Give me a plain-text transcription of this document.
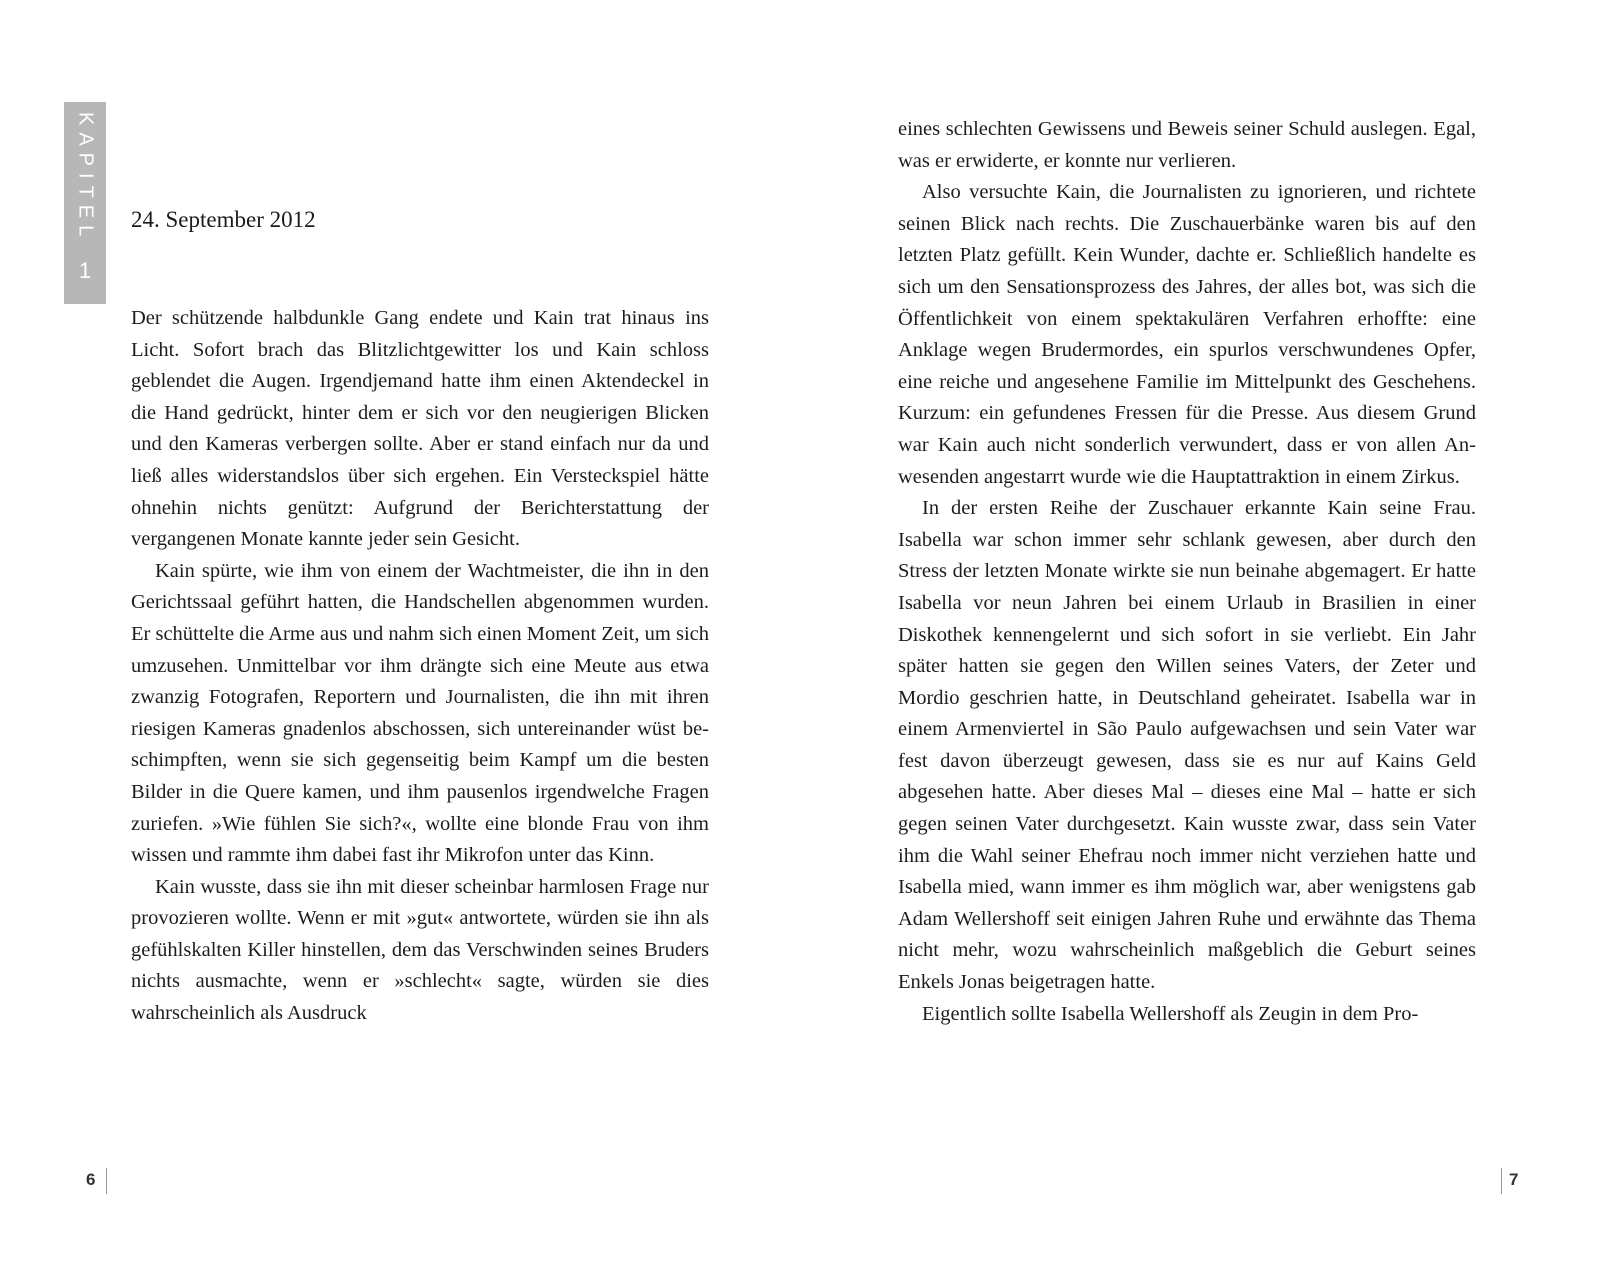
KAPITEL
1
24. September 2012

Der schützende halbdunkle Gang endete und Kain trat hinaus ins Licht. Sofort brach das Blitzlichtgewitter los und Kain schloss geblendet die Augen. Irgendjemand hatte ihm einen Aktendeckel in die Hand gedrückt, hinter dem er sich vor den neugierigen Blicken und den Kameras verbergen sollte. Aber er stand einfach nur da und ließ alles widerstandslos über sich ergehen. Ein Versteckspiel hätte ohnehin nichts genützt: Aufgrund der Berichterstattung der vergangenen Monate kannte jeder sein Gesicht.

Kain spürte, wie ihm von einem der Wachtmeister, die ihn in den Gerichtssaal geführt hatten, die Handschellen abgenommen wurden. Er schüttelte die Arme aus und nahm sich einen Moment Zeit, um sich umzusehen. Unmittelbar vor ihm drängte sich eine Meute aus etwa zwanzig Fotografen, Reportern und Journalisten, die ihn mit ihren riesigen Kameras gnadenlos abschossen, sich untereinander wüst beschimpften, wenn sie sich gegenseitig beim Kampf um die besten Bilder in die Quere kamen, und ihm pausenlos irgendwelche Fragen zuriefen. »Wie fühlen Sie sich?«, wollte eine blonde Frau von ihm wissen und rammte ihm dabei fast ihr Mikrofon unter das Kinn.

Kain wusste, dass sie ihn mit dieser scheinbar harmlosen Frage nur provozieren wollte. Wenn er mit »gut« antwortete, würden sie ihn als gefühlskalten Killer hinstellen, dem das Verschwinden seines Bruders nichts ausmachte, wenn er »schlecht« sagte, würden sie dies wahrscheinlich als Ausdruck

eines schlechten Gewissens und Beweis seiner Schuld auslegen. Egal, was er erwiderte, er konnte nur verlieren.

Also versuchte Kain, die Journalisten zu ignorieren, und richtete seinen Blick nach rechts. Die Zuschauerbänke waren bis auf den letzten Platz gefüllt. Kein Wunder, dachte er. Schließlich handelte es sich um den Sensationsprozess des Jahres, der alles bot, was sich die Öffentlichkeit von einem spektakulären Verfahren erhoffte: eine Anklage wegen Brudermordes, ein spurlos verschwundenes Opfer, eine reiche und angesehene Familie im Mittelpunkt des Geschehens. Kurzum: ein gefundenes Fressen für die Presse. Aus diesem Grund war Kain auch nicht sonderlich verwundert, dass er von allen Anwesenden angestarrt wurde wie die Hauptattraktion in einem Zirkus.

In der ersten Reihe der Zuschauer erkannte Kain seine Frau. Isabella war schon immer sehr schlank gewesen, aber durch den Stress der letzten Monate wirkte sie nun beinahe abgemagert. Er hatte Isabella vor neun Jahren bei einem Urlaub in Brasilien in einer Diskothek kennengelernt und sich sofort in sie verliebt. Ein Jahr später hatten sie gegen den Willen seines Vaters, der Zeter und Mordio geschrien hatte, in Deutschland geheiratet. Isabella war in einem Armenviertel in São Paulo aufgewachsen und sein Vater war fest davon überzeugt gewesen, dass sie es nur auf Kains Geld abgesehen hatte. Aber dieses Mal – dieses eine Mal – hatte er sich gegen seinen Vater durchgesetzt. Kain wusste zwar, dass sein Vater ihm die Wahl seiner Ehefrau noch immer nicht verziehen hatte und Isabella mied, wann immer es ihm möglich war, aber wenigstens gab Adam Wellershoff seit einigen Jahren Ruhe und erwähnte das Thema nicht mehr, wozu wahrscheinlich maßgeblich die Geburt seines Enkels Jonas beigetragen hatte.

Eigentlich sollte Isabella Wellershoff als Zeugin in dem Pro-

6	7
